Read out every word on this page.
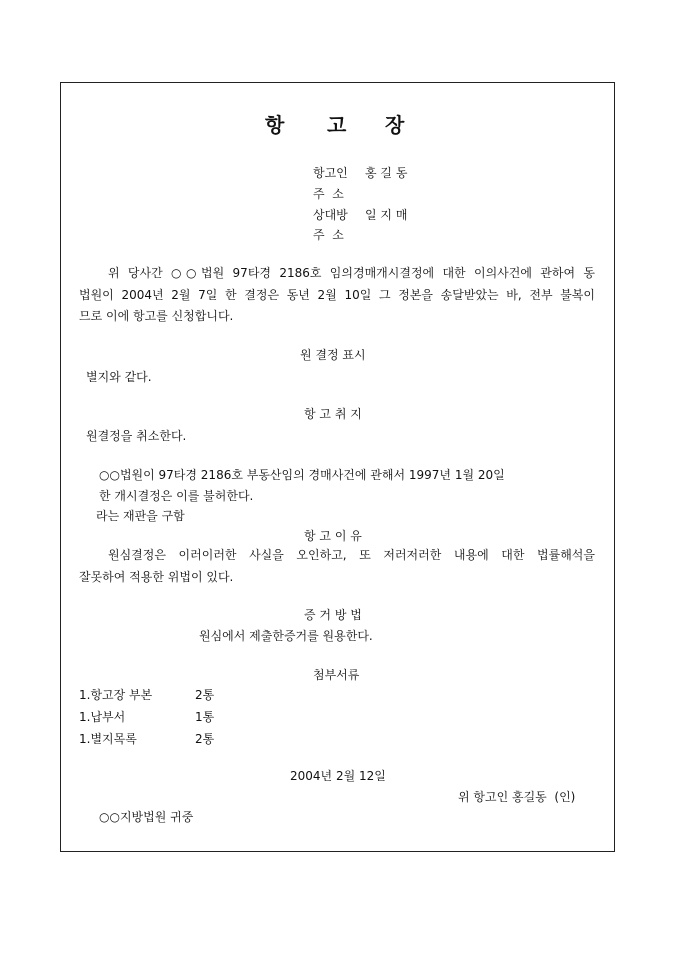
항 고 장
항고인 홍 길 동
주  소
상대방 일 지 매
주  소
위 당사간 ○○법원 97타경 2186호 임의경매개시결정에 대한 이의사건에 관하여 동
법원이 2004년 2월 7일 한 결정은 동년 2월 10일 그 정본을 송달받았는 바, 전부 불복이
므로 이에 항고를 신청합니다.
원 결정 표시
별지와 같다.
항 고 취 지
원결정을 취소한다.
○○법원이 97타경 2186호 부동산임의 경매사건에 관해서 1997년 1월 20일
한 개시결정은 이를 불허한다.
라는 재판을 구함
항 고 이 유
원심결정은 이러이러한 사실을 오인하고, 또 저러저러한 내용에 대한 법률해석을
잘못하여 적용한 위법이 있다.
증 거 방 법
원심에서 제출한증거를 원용한다.
첨부서류
1.항고장 부본	2통
1.납부서	1통
1.별지목록	2통
2004년 2월 12일
위 항고인 홍길동  (인)
○○지방법원 귀중
